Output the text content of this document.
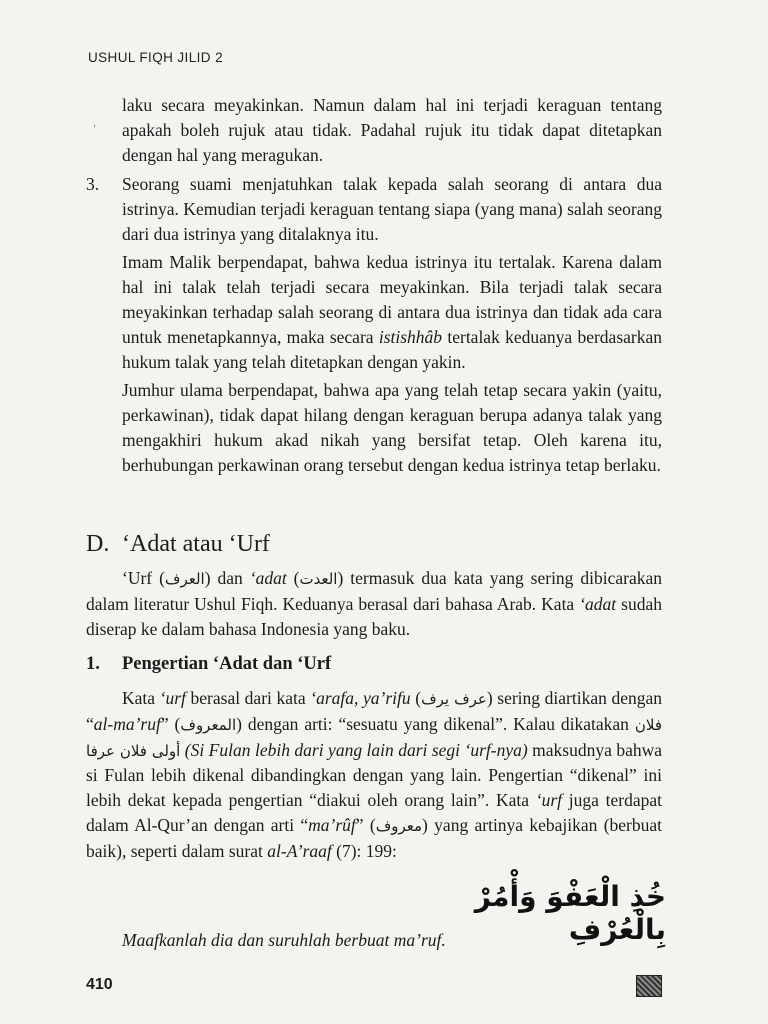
USHUL FIQH JILID 2
'

laku secara meyakinkan. Namun dalam hal ini terjadi keraguan tentang apakah boleh rujuk atau tidak. Padahal rujuk itu tidak dapat ditetapkan dengan hal yang meragukan.

3. Seorang suami menjatuhkan talak kepada salah seorang di antara dua istrinya. Kemudian terjadi keraguan tentang siapa (yang mana) salah seorang dari dua istrinya yang ditalaknya itu.

Imam Malik berpendapat, bahwa kedua istrinya itu tertalak. Karena dalam hal ini talak telah terjadi secara meyakinkan. Bila terjadi talak secara meyakinkan terhadap salah seorang di antara dua istrinya dan tidak ada cara untuk menetapkannya, maka secara istishhâb tertalak keduanya berdasarkan hukum talak yang telah ditetapkan dengan yakin.

Jumhur ulama berpendapat, bahwa apa yang telah tetap secara yakin (yaitu, perkawinan), tidak dapat hilang dengan keraguan berupa adanya talak yang mengakhiri hukum akad nikah yang bersifat tetap. Oleh karena itu, berhubungan perkawinan orang tersebut dengan kedua istrinya tetap berlaku.

D. ‘Adat atau ‘Urf

‘Urf (العرف) dan ‘adat (العدت) termasuk dua kata yang sering dibicarakan dalam literatur Ushul Fiqh. Keduanya berasal dari bahasa Arab. Kata ‘adat sudah diserap ke dalam bahasa Indonesia yang baku.

1. Pengertian ‘Adat dan ‘Urf

Kata ‘urf berasal dari kata ‘arafa, ya’rifu (عرف يرف) sering diartikan dengan “al-ma’ruf” (المعروف) dengan arti: “sesuatu yang dikenal”. Kalau dikatakan فلان أولى فلان عرفا (Si Fulan lebih dari yang lain dari segi ‘urf-nya) maksudnya bahwa si Fulan lebih dikenal dibandingkan dengan yang lain. Pengertian “dikenal” ini lebih dekat kepada pengertian “diakui oleh orang lain”. Kata ‘urf juga terdapat dalam Al-Qur’an dengan arti “ma’rûf” (معروف) yang artinya kebajikan (berbuat baik), seperti dalam surat al-A’raaf (7): 199:

خُذِ الْعَفْوَ وَأْمُرْ بِالْعُرْفِ
Maafkanlah dia dan suruhlah berbuat ma’ruf.
410
